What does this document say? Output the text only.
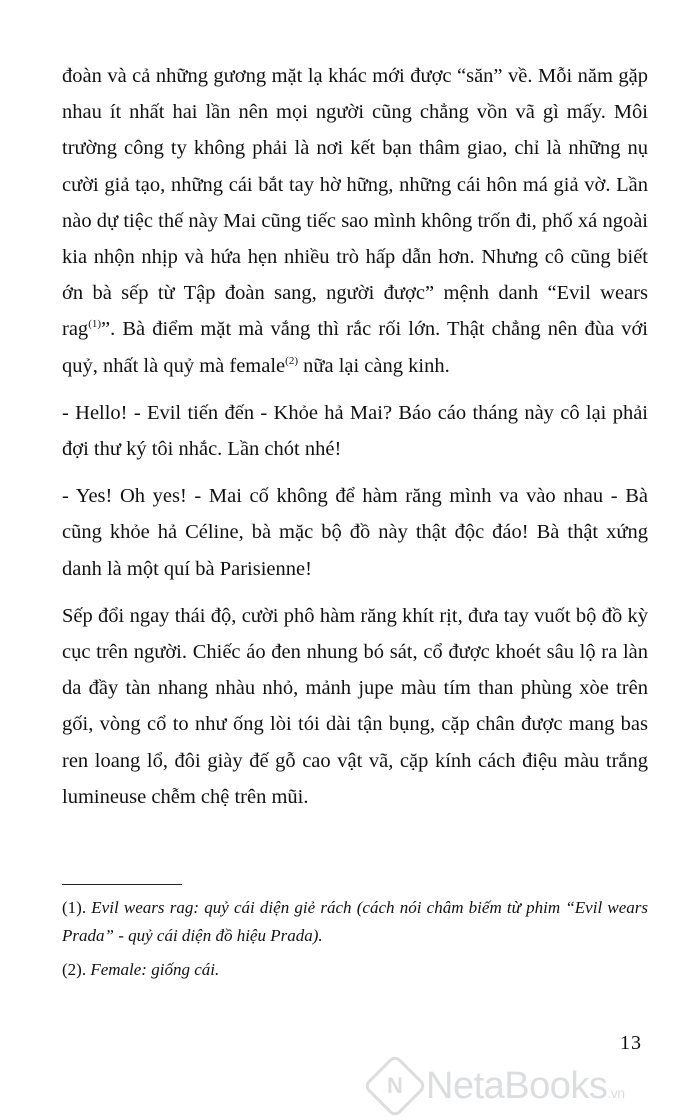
đoàn và cả những gương mặt lạ khác mới được “săn” về. Mỗi năm gặp nhau ít nhất hai lần nên mọi người cũng chẳng vồn vã gì mấy. Môi trường công ty không phải là nơi kết bạn thâm giao, chỉ là những nụ cười giả tạo, những cái bắt tay hờ hững, những cái hôn má giả vờ. Lần nào dự tiệc thế này Mai cũng tiếc sao mình không trốn đi, phố xá ngoài kia nhộn nhịp và hứa hẹn nhiều trò hấp dẫn hơn. Nhưng cô cũng biết ớn bà sếp từ Tập đoàn sang, người được” mệnh danh “Evil wears rag$^{(1)}$”. Bà điểm mặt mà vắng thì rắc rối lớn. Thật chẳng nên đùa với quỷ, nhất là quỷ mà female$^{(2)}$ nữa lại càng kinh.

- Hello! - Evil tiến đến - Khỏe hả Mai? Báo cáo tháng này cô lại phải đợi thư ký tôi nhắc. Lần chót nhé!

- Yes! Oh yes! - Mai cố không để hàm răng mình va vào nhau - Bà cũng khỏe hả Céline, bà mặc bộ đồ này thật độc đáo! Bà thật xứng danh là một quí bà Parisienne!

Sếp đổi ngay thái độ, cười phô hàm răng khít rịt, đưa tay vuốt bộ đồ kỳ cục trên người. Chiếc áo đen nhung bó sát, cổ được khoét sâu lộ ra làn da đầy tàn nhang nhàu nhỏ, mảnh jupe màu tím than phùng xòe trên gối, vòng cổ to như ống lòi tói dài tận bụng, cặp chân được mang bas ren loang lổ, đôi giày đế gỗ cao vật vã, cặp kính cách điệu màu trắng lumineuse chễm chệ trên mũi.

(1). Evil wears rag: quỷ cái diện giẻ rách (cách nói châm biếm từ phim “Evil wears Prada” - quỷ cái diện đồ hiệu Prada).

(2). Female: giống cái.

13
N NetaBooks.vn
